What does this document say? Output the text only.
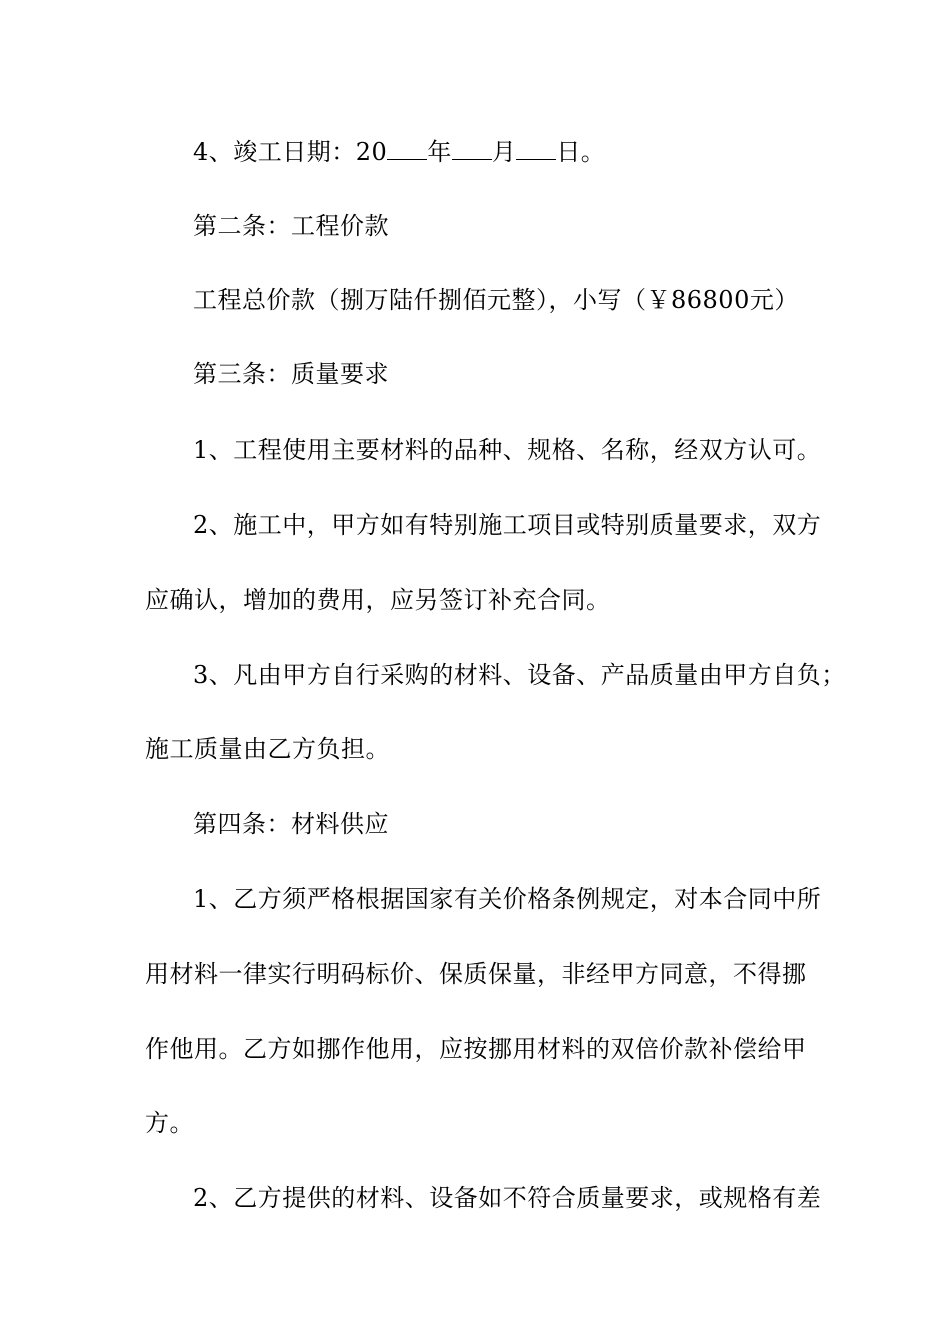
4、竣工日期：20 年 月 日。
第二条：工程价款
工程总价款（捌万陆仟捌佰元整），小写（￥86800元）
第三条：质量要求
1、工程使用主要材料的品种、规格、名称，经双方认可。
2、施工中，甲方如有特别施工项目或特别质量要求，双方
应确认，增加的费用，应另签订补充合同。
3、凡由甲方自行采购的材料、设备、产品质量由甲方自负；
施工质量由乙方负担。
第四条：材料供应
1、乙方须严格根据国家有关价格条例规定，对本合同中所
用材料一律实行明码标价、保质保量，非经甲方同意，不得挪
作他用。乙方如挪作他用，应按挪用材料的双倍价款补偿给甲
方。
2、乙方提供的材料、设备如不符合质量要求，或规格有差
